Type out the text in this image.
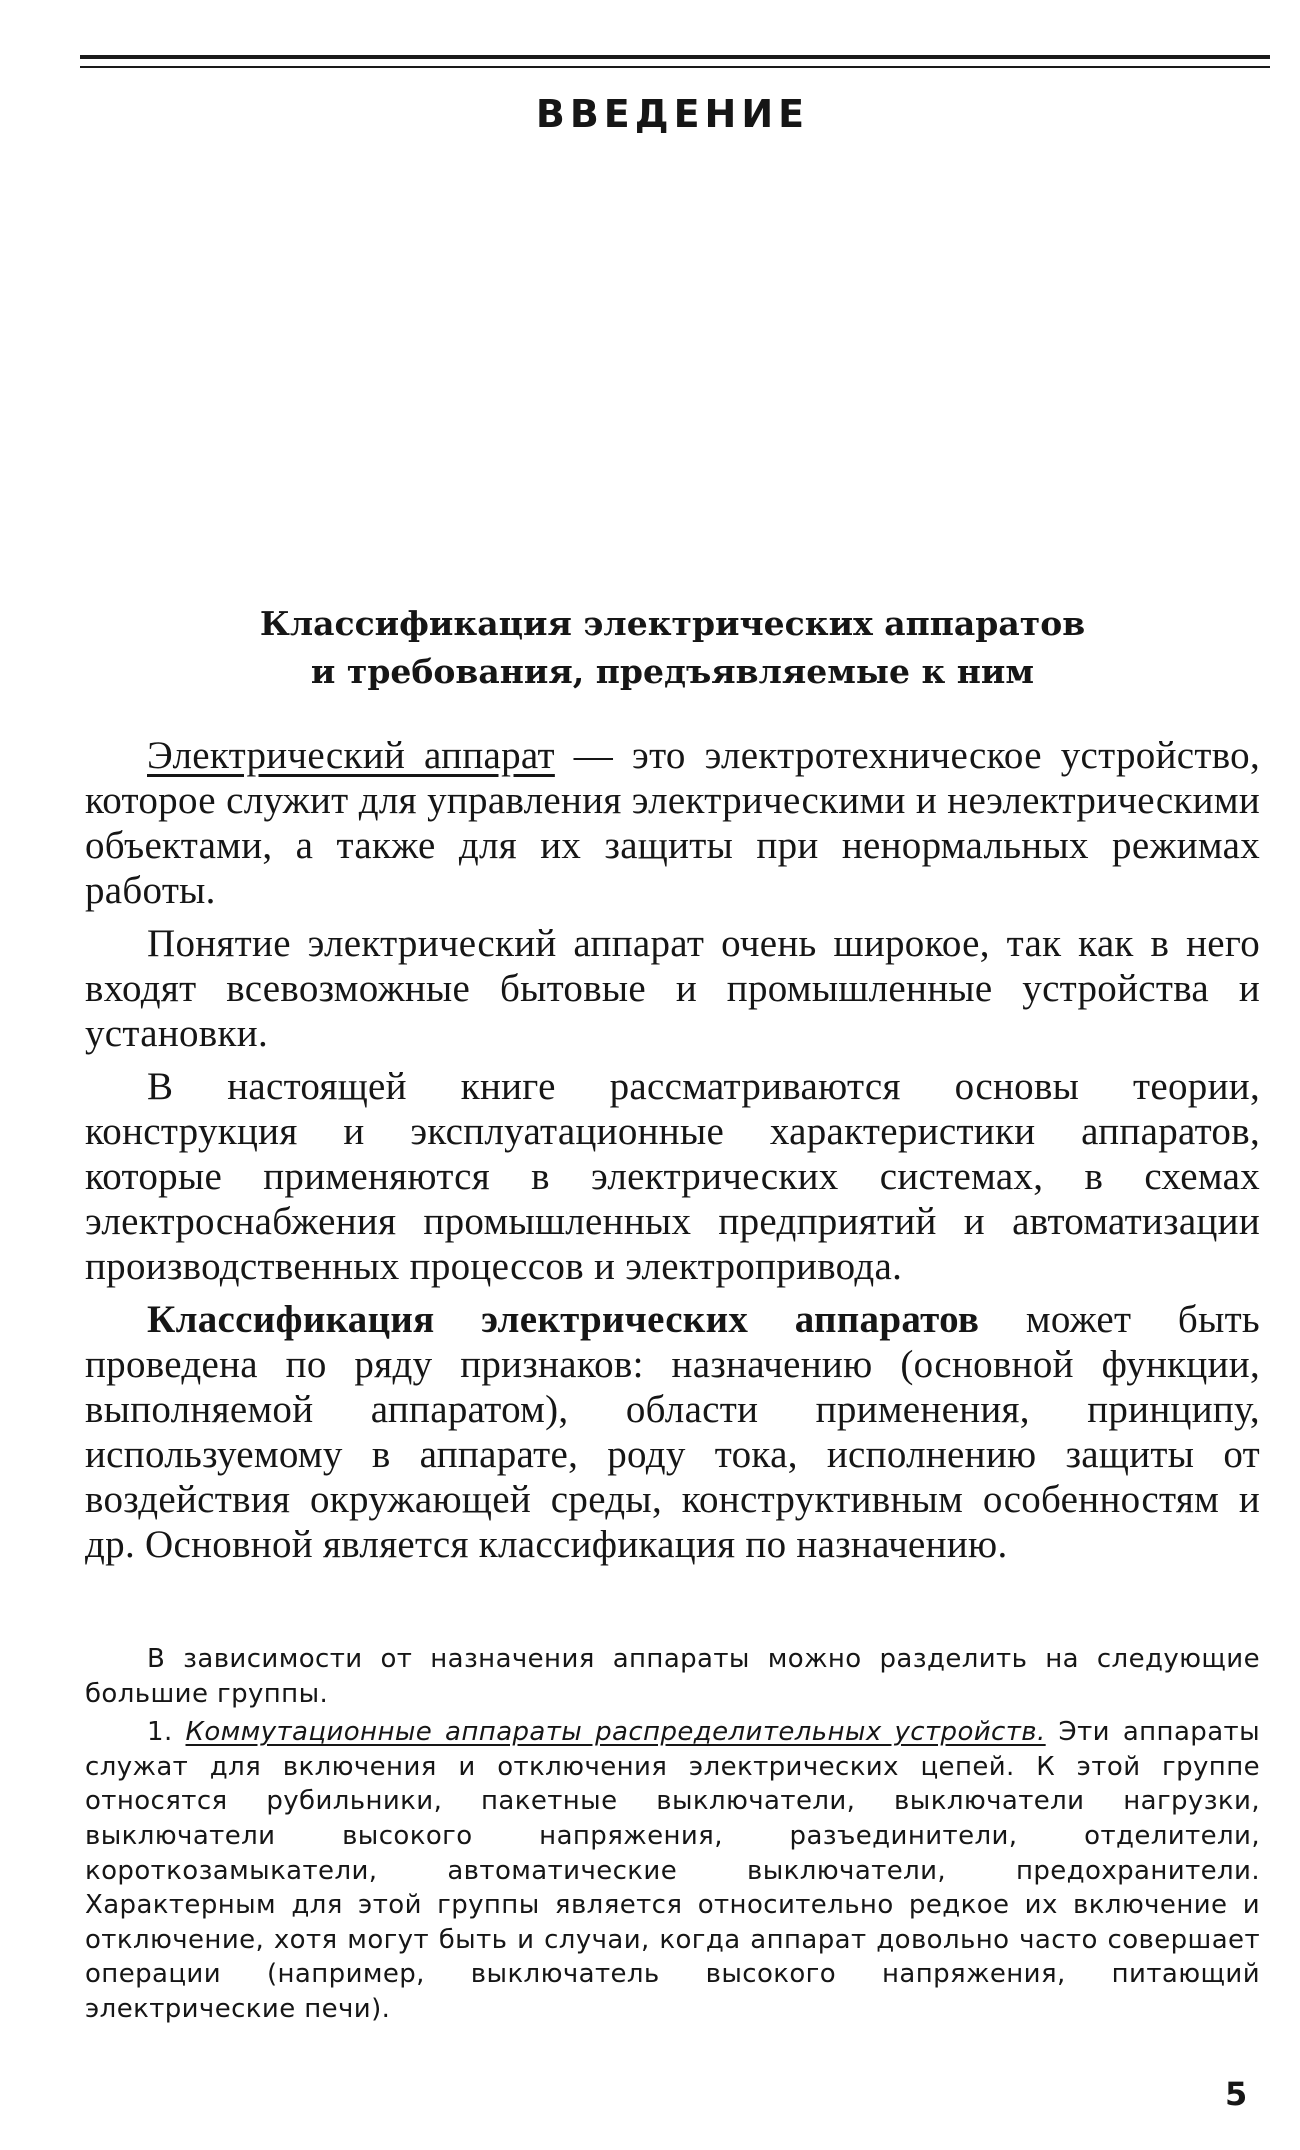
ВВЕДЕНИЕ
Классификация электрических аппаратов
и требования, предъявляемые к ним

Электрический аппарат — это электротехническое устройство, которое служит для управления электрическими и неэлектрическими объектами, а также для их защиты при ненормальных режимах работы.

Понятие электрический аппарат очень широкое, так как в него входят всевозможные бытовые и промышленные устройства и установки.

В настоящей книге рассматриваются основы теории, конструкция и эксплуатационные характеристики аппаратов, которые применяются в электрических системах, в схемах электроснабжения промышленных предприятий и автоматизации производственных процессов и электропривода.

Классификация электрических аппаратов может быть проведена по ряду признаков: назначению (основной функции, выполняемой аппаратом), области применения, принципу, используемому в аппарате, роду тока, исполнению защиты от воздействия окружающей среды, конструктивным особенностям и др. Основной является классификация по назначению.

В зависимости от назначения аппараты можно разделить на следующие большие группы.

1. Коммутационные аппараты распределительных устройств. Эти аппараты служат для включения и отключения электрических цепей. К этой группе относятся рубильники, пакетные выключатели, выключатели нагрузки, выключатели высокого напряжения, разъединители, отделители, короткозамыкатели, автоматические выключатели, предохранители. Характерным для этой группы является относительно редкое их включение и отключение, хотя могут быть и случаи, когда аппарат довольно часто совершает операции (например, выключатель высокого напряжения, питающий электрические печи).

5
